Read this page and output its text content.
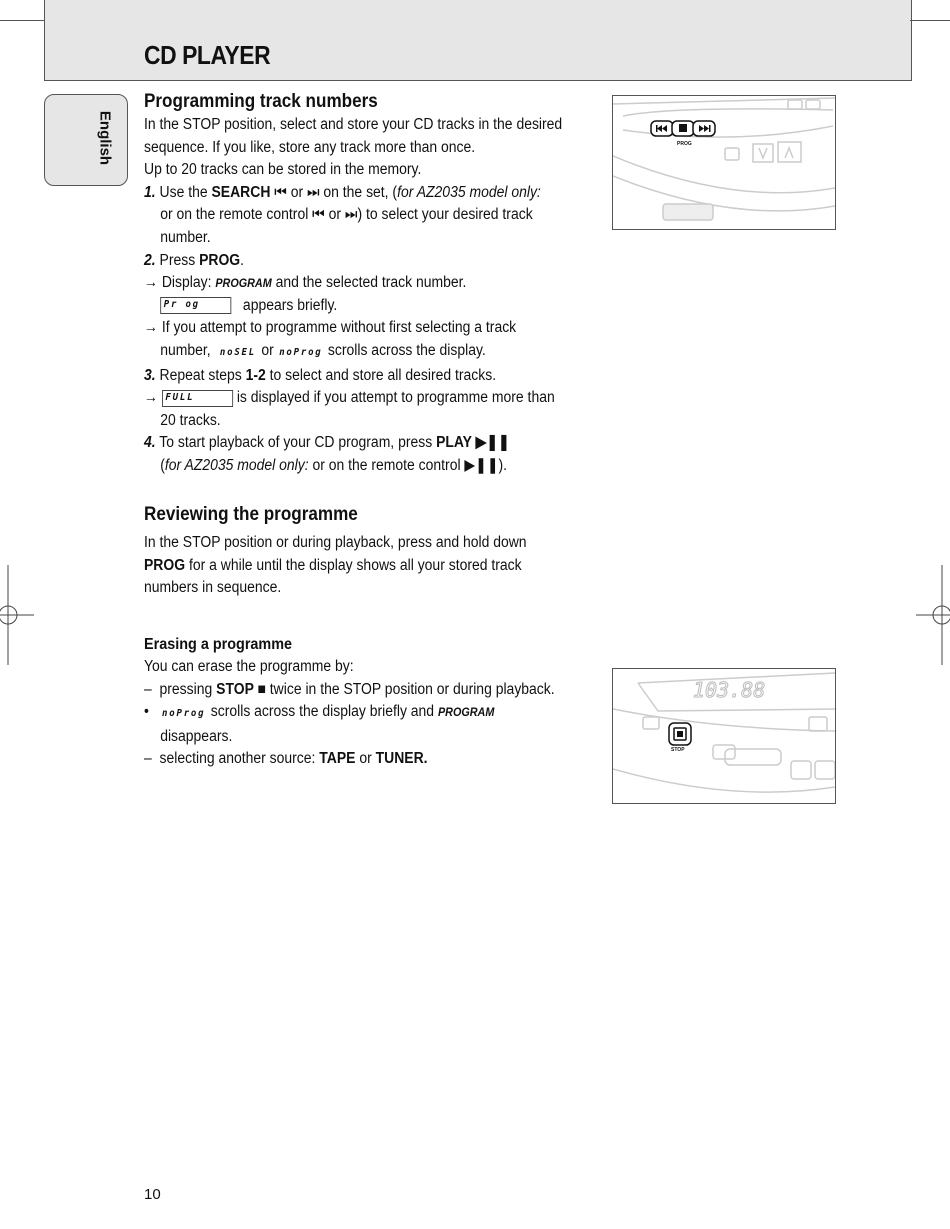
CD PLAYER
English
Programming track numbers

In the STOP position, select and store your CD tracks in the desired

sequence. If you like, store any track more than once.

Up to 20 tracks can be stored in the memory.

1. Use the SEARCH ⏮ or ⏭ on the set, (for AZ2035 model only:

or on the remote control ⏮ or ⏭) to select your desired track

number.

2. Press PROG.

→ Display: PROGRAM and the selected track number.

Pr og	appears briefly.

→ If you attempt to programme without first selecting a track

number, noSEL or noProg scrolls across the display.

3. Repeat steps 1-2 to select and store all desired tracks.

→ FULL	is displayed if you attempt to programme more than

20 tracks.

4. To start playback of your CD program, press PLAY ▶❚❚

(for AZ2035 model only: or on the remote control ▶❚❚).

Reviewing the programme

In the STOP position or during playback, press and hold down

PROG for a while until the display shows all your stored track

numbers in sequence.

Erasing a programme

You can erase the programme by:

– pressing STOP ■ twice in the STOP position or during playback.

• noProg scrolls across the display briefly and PROGRAM

disappears.

– selecting another source: TAPE or TUNER.

PROG
103.88
STOP
10
